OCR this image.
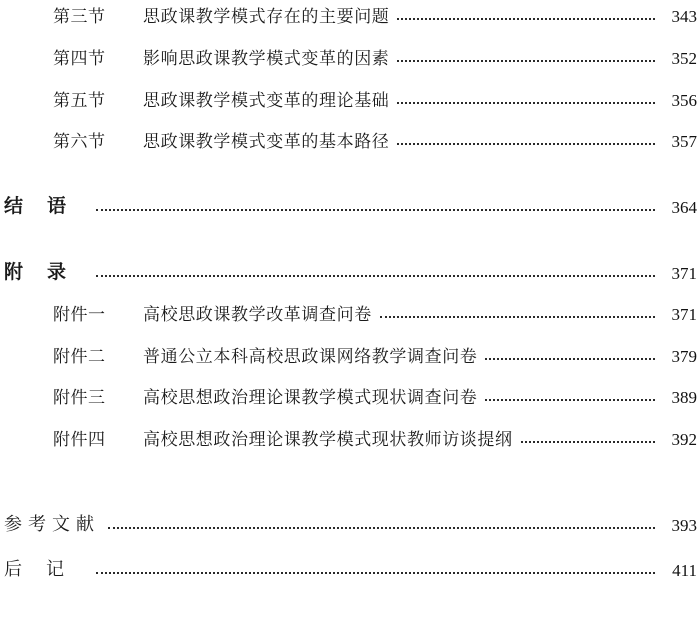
第三节	思政课教学模式存在的主要问题	343
第四节	影响思政课教学模式变革的因素	352
第五节	思政课教学模式变革的理论基础	356
第六节	思政课教学模式变革的基本路径	357
结语	364
附录	371
附件一	高校思政课教学改革调查问卷	371
附件二	普通公立本科高校思政课网络教学调查问卷	379
附件三	高校思想政治理论课教学模式现状调查问卷	389
附件四	高校思想政治理论课教学模式现状教师访谈提纲	392
参考文献	393
后记	411
